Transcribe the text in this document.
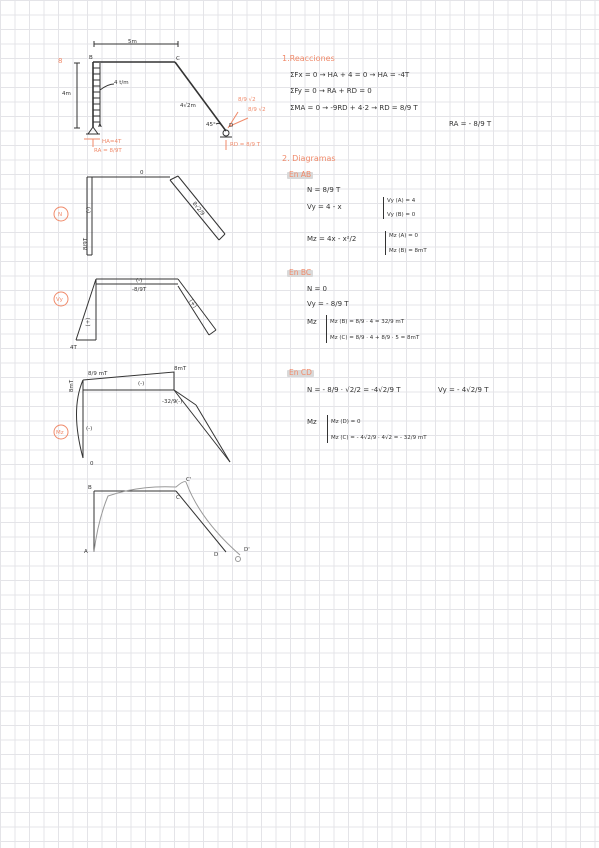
8
5m
4m
4 t/m
B	C
A	D
4√2m
45°
HA=4T
RA = 8/9T
RD = 8/9 T
8/9 √2
8/9 √2
N
Vy
Mz
0
8√2/9
8/9T
(-)
-8/9T
(-)
4T
(+)
(+)
8/9 mT
8mT
8mT	(-)
-32/9 (-)
(-)
0
B
A
C
C'
D
D'
1.Reacciones
ΣFx = 0 → HA + 4 = 0 → HA = -4T
ΣFy = 0 → RA + RD = 0
ΣMA = 0 → -9RD + 4·2 → RD = 8/9 T
RA = - 8/9 T
2. Diagramas
En AB
N = 8/9 T
Vy = 4 - x
Vy (A) = 4
Vy (B) = 0
Mz = 4x - x²/2	Mz (A) = 0
Mz (B) = 8mT
En BC
N = 0
Vy = - 8/9 T
Mz Mz (B) = 8/9 · 4 = 32/9 mT
Mz (C) = 8/9 · 4 + 8/9 · 5 = 8mT
En CD
N = - 8/9 · √2/2 = -4√2/9 T	Vy = - 4√2/9 T
Mz	Mz (D) = 0
Mz (C) = - 4√2/9 · 4√2 = - 32/9 mT
